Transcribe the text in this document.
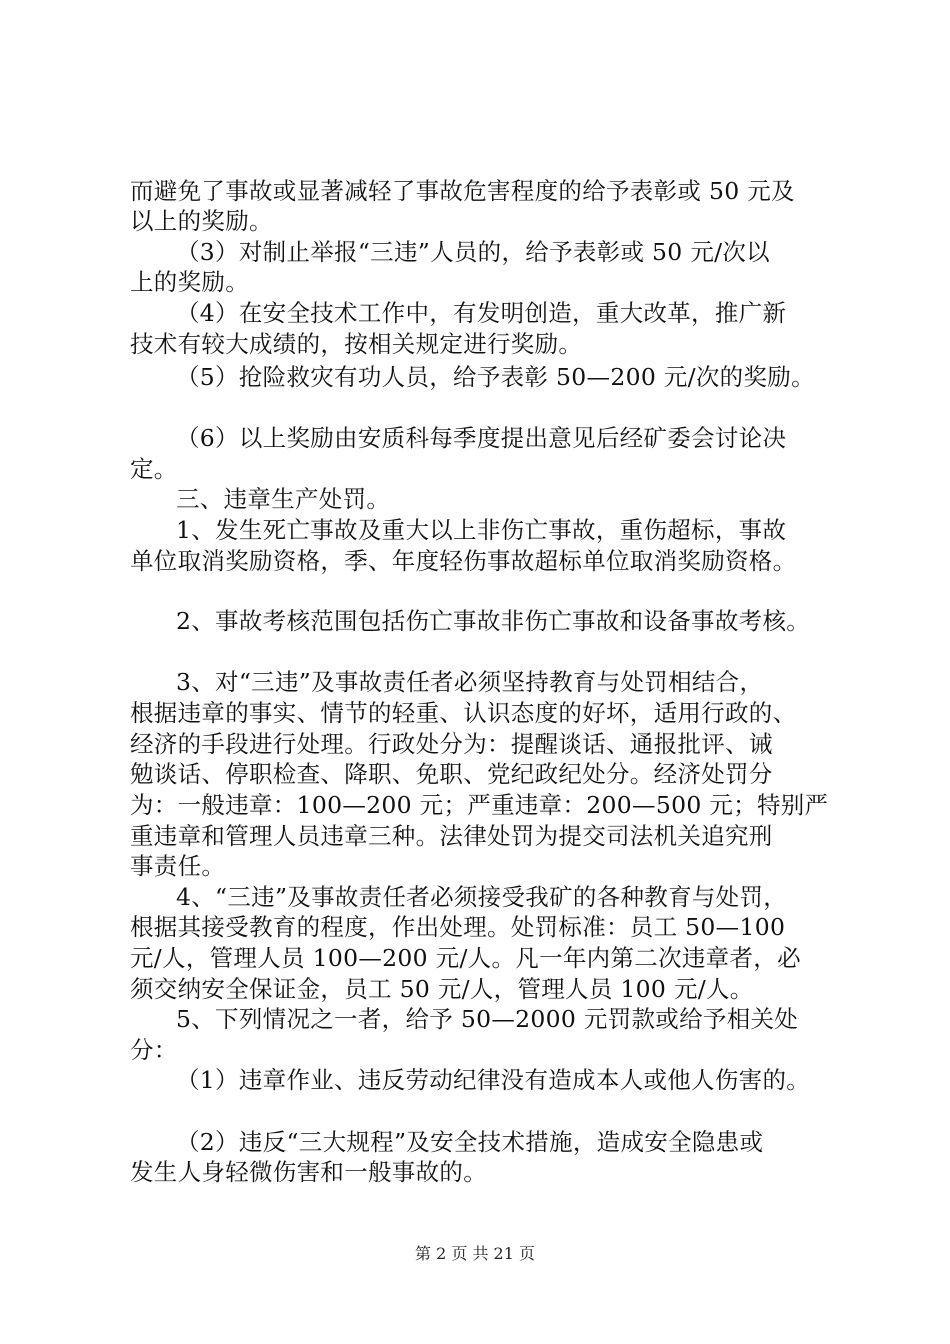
而避免了事故或显著减轻了事故危害程度的给予表彰或 50 元及
以上的奖励。
（3）对制止举报“三违”人员的，给予表彰或 50 元/次以
上的奖励。
（4）在安全技术工作中，有发明创造，重大改革，推广新
技术有较大成绩的，按相关规定进行奖励。
（5）抢险救灾有功人员，给予表彰 50—200 元/次的奖励。
（6）以上奖励由安质科每季度提出意见后经矿委会讨论决
定。
三、违章生产处罚。
1、发生死亡事故及重大以上非伤亡事故，重伤超标，事故
单位取消奖励资格，季、年度轻伤事故超标单位取消奖励资格。
2、事故考核范围包括伤亡事故非伤亡事故和设备事故考核。
3、对“三违”及事故责任者必须坚持教育与处罚相结合，
根据违章的事实、情节的轻重、认识态度的好坏，适用行政的、
经济的手段进行处理。行政处分为：提醒谈话、通报批评、诫
勉谈话、停职检查、降职、免职、党纪政纪处分。经济处罚分
为：一般违章：100—200 元；严重违章：200—500 元；特别严
重违章和管理人员违章三种。法律处罚为提交司法机关追究刑
事责任。
4、“三违”及事故责任者必须接受我矿的各种教育与处罚，
根据其接受教育的程度，作出处理。处罚标准：员工 50—100
元/人，管理人员 100—200 元/人。凡一年内第二次违章者，必
须交纳安全保证金，员工 50 元/人，管理人员 100 元/人。
5、下列情况之一者，给予 50—2000 元罚款或给予相关处
分：
（1）违章作业、违反劳动纪律没有造成本人或他人伤害的。
（2）违反“三大规程”及安全技术措施，造成安全隐患或
发生人身轻微伤害和一般事故的。
第 2 页 共 21 页
